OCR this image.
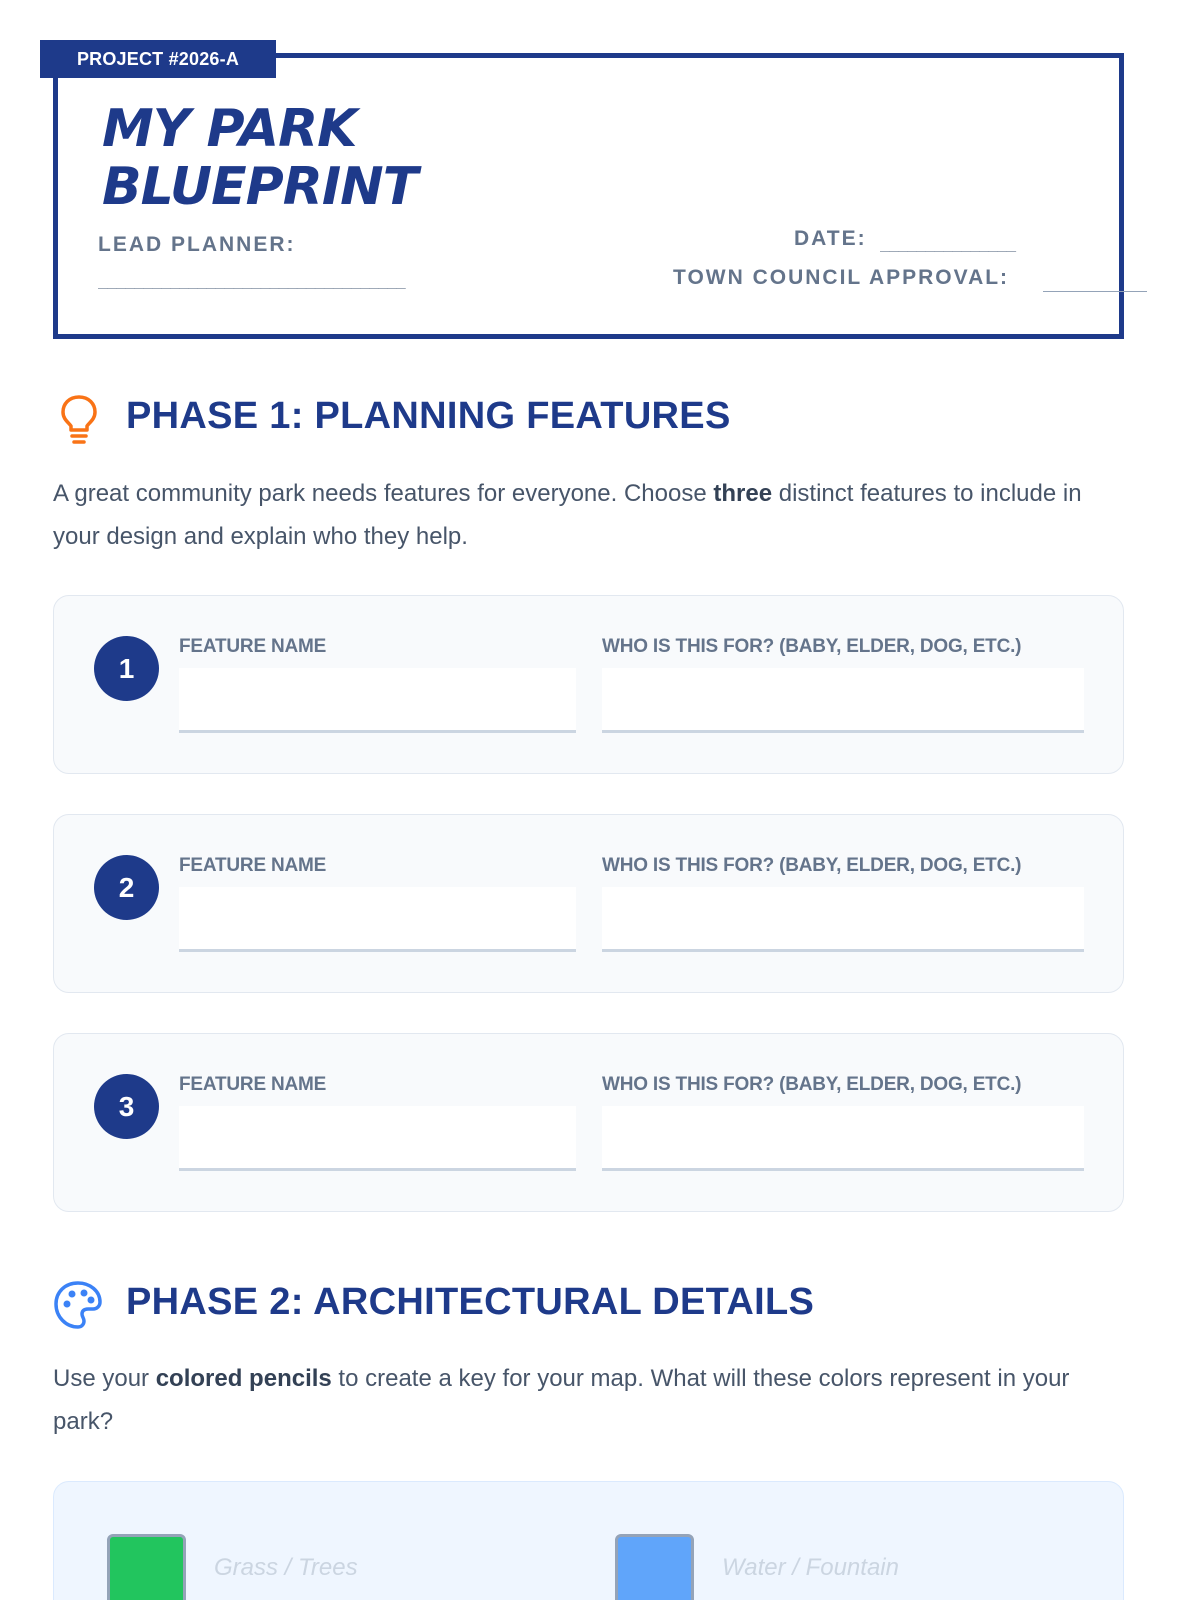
PROJECT #2026-A
MY PARK
BLUEPRINT
LEAD PLANNER:
__________________________________
DATE: _______________
TOWN COUNCIL APPROVAL:
PHASE 1: PLANNING FEATURES
A great community park needs features for everyone. Choose three distinct features to include in your design and explain who they help.
1
FEATURE NAME	WHO IS THIS FOR? (BABY, ELDER, DOG, ETC.)
2
FEATURE NAME	WHO IS THIS FOR? (BABY, ELDER, DOG, ETC.)
3
FEATURE NAME	WHO IS THIS FOR? (BABY, ELDER, DOG, ETC.)
PHASE 2: ARCHITECTURAL DETAILS
Use your colored pencils to create a key for your map. What will these colors represent in your park?
Grass / Trees
Water / Fountain
